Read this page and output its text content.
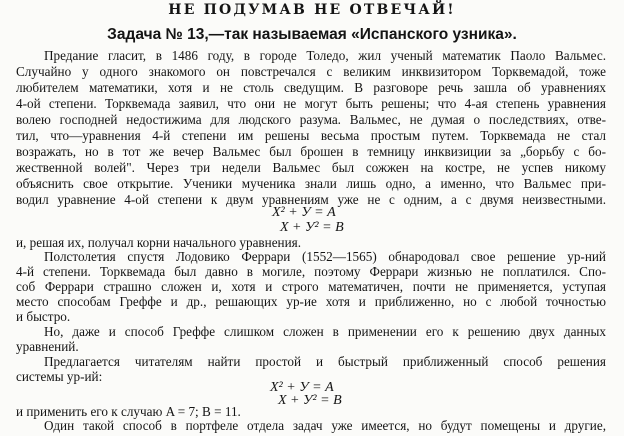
НЕ ПОДУМАВ НЕ ОТВЕЧАЙ!
Задача № 13,—так называемая «Испанского узника».
Предание гласит, в 1486 году, в городе Толедо, жил ученый математик Паоло Вальмес.
Случайно у одного знакомого он повстречался с великим инквизитором Торквемадой, тоже
любителем математики, хотя и не столь сведущим. В разговоре речь зашла об уравнениях
4-ой степени. Торквемада заявил, что они не могут быть решены; что 4-ая степень уравнения
волею господней недостижима для людского разума. Вальмес, не думая о последствиях, отве-
тил, что—уравнения 4-й степени им решены весьма простым путем. Торквемада не стал
возражать, но в тот же вечер Вальмес был брошен в темницу инквизиции за „борьбу с бо-
жественной волей". Через три недели Вальмес был сожжен на костре, не успев никому
объяснить свое открытие. Ученики мученика знали лишь одно, а именно, что Вальмес при-
водил уравнение 4-ой степени к двум уравнениям уже не с одним, а с двумя неизвестными.
X² + У = A
X + У² = B
и, решая их, получал корни начального уравнения.
Полстолетия спустя Лодовико Феррари (1552—1565) обнародовал свое решение ур-ний
4-й степени. Торквемада был давно в могиле, поэтому Феррари жизнью не поплатился. Спо-
соб Феррари страшно сложен и, хотя и строго математичен, почти не применяется, уступая
место способам Греффе и др., решающих ур-ие хотя и приближенно, но с любой точностью
и быстро.
Но, даже и способ Греффе слишком сложен в применении его к решению двух данных
уравнений.
Предлагается читателям найти простой и быстрый приближенный способ решения
системы ур-ий:
X² + У = A
X + У² = B
и применить его к случаю A = 7; B = 11.
Один такой способ в портфеле отдела задач уже имеется, но будут помещены и другие,
